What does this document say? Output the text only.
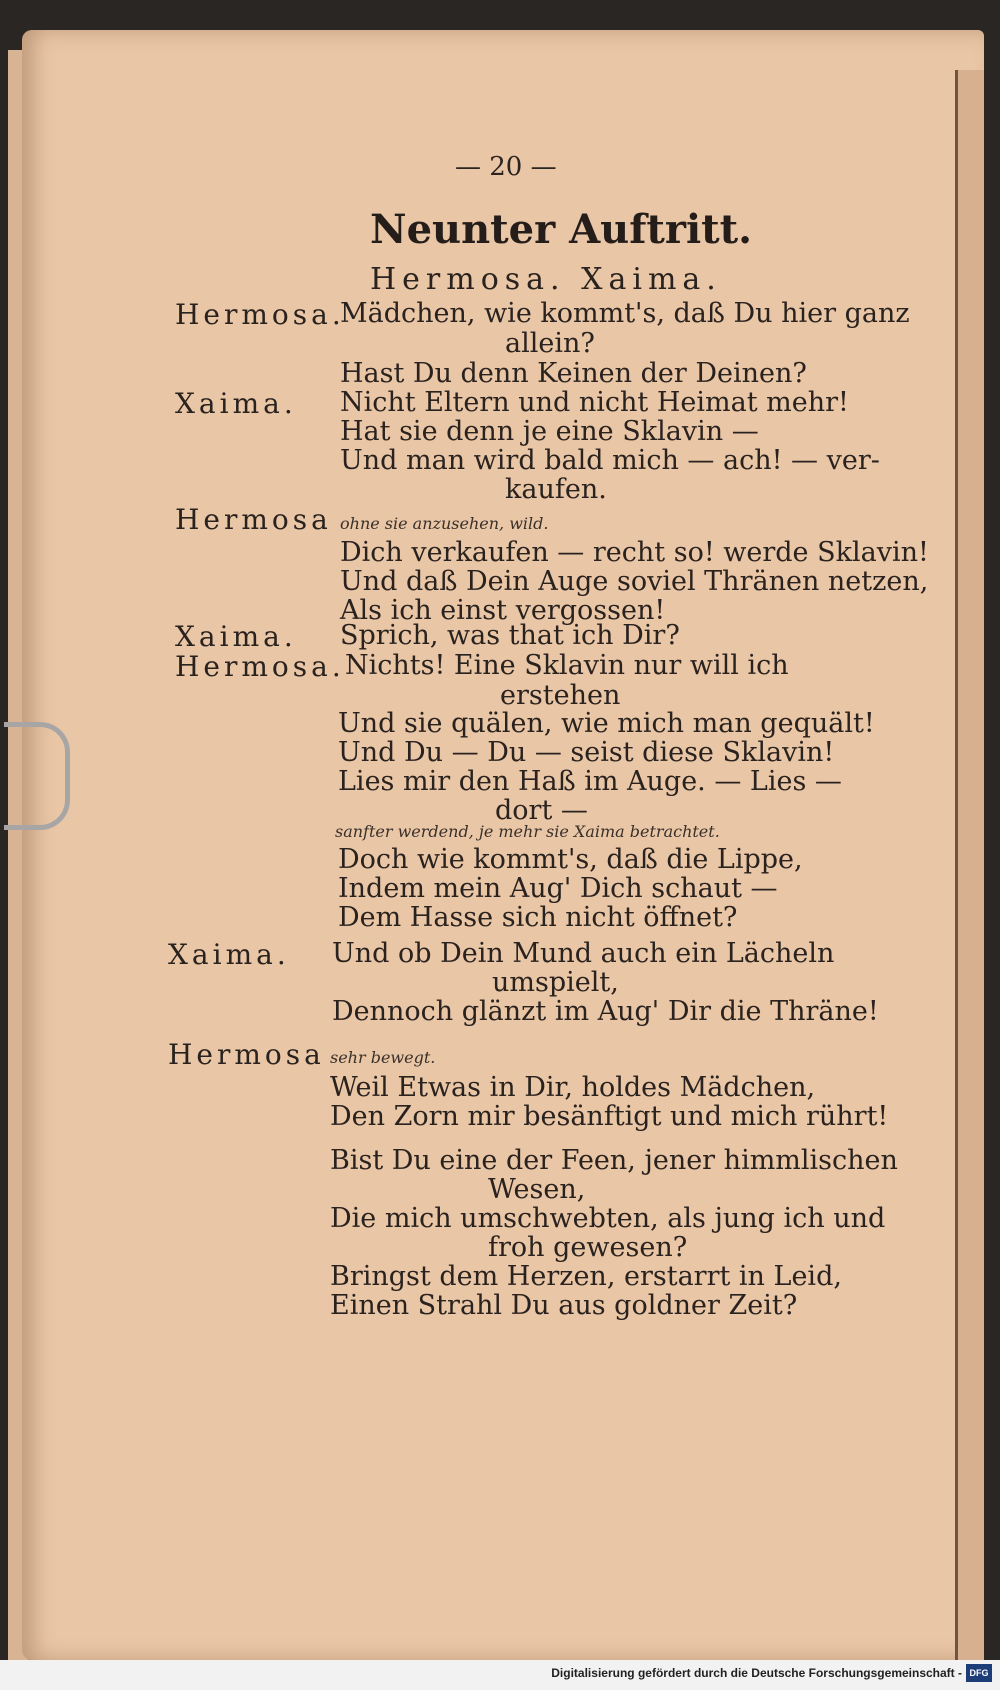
— 20 —
Neunter Auftritt.
Hermosa. Xaima.
Hermosa.
Xaima.
Hermosa
Xaima.
Hermosa.
Xaima.
Hermosa
ohne sie anzusehen, wild.
sanfter werdend, je mehr sie Xaima betrachtet.
sehr bewegt.
Mädchen, wie kommt's, daß Du hier ganz
allein?
Hast Du denn Keinen der Deinen?
Nicht Eltern und nicht Heimat mehr!
Hat sie denn je eine Sklavin —
Und man wird bald mich — ach! — ver-
kaufen.
Dich verkaufen — recht so! werde Sklavin!
Und daß Dein Auge soviel Thränen netzen,
Als ich einst vergossen!
Sprich, was that ich Dir?
Nichts! Eine Sklavin nur will ich
erstehen
Und sie quälen, wie mich man gequält!
Und Du — Du — seist diese Sklavin!
Lies mir den Haß im Auge. — Lies —
dort —
Doch wie kommt's, daß die Lippe,
Indem mein Aug' Dich schaut —
Dem Hasse sich nicht öffnet?
Und ob Dein Mund auch ein Lächeln
umspielt,
Dennoch glänzt im Aug' Dir die Thräne!
Weil Etwas in Dir, holdes Mädchen,
Den Zorn mir besänftigt und mich rührt!
Bist Du eine der Feen, jener himmlischen
Wesen,
Die mich umschwebten, als jung ich und
froh gewesen?
Bringst dem Herzen, erstarrt in Leid,
Einen Strahl Du aus goldner Zeit?
Digitalisierung gefördert durch die Deutsche Forschungsgemeinschaft - DFG
